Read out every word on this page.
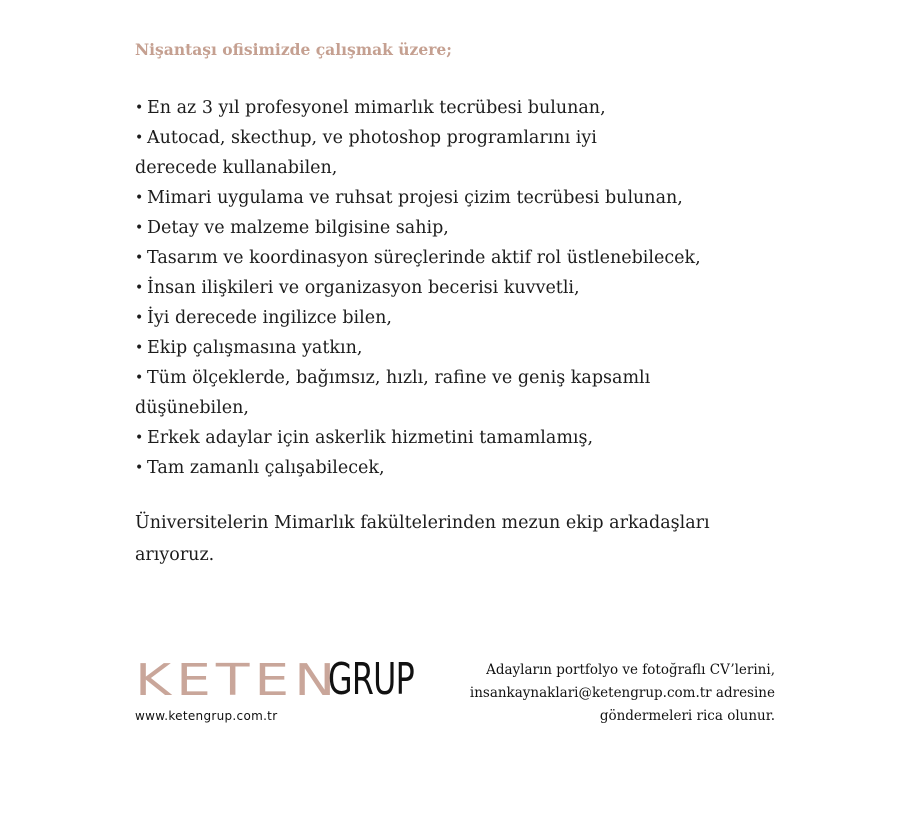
Nişantaşı ofisimizde çalışmak üzere;
• En az 3 yıl profesyonel mimarlık tecrübesi bulunan,
• Autocad, skecthup, ve photoshop programlarını iyi
derecede kullanabilen,
• Mimari uygulama ve ruhsat projesi çizim tecrübesi bulunan,
• Detay ve malzeme bilgisine sahip,
• Tasarım ve koordinasyon süreçlerinde aktif rol üstlenebilecek,
• İnsan ilişkileri ve organizasyon becerisi kuvvetli,
• İyi derecede ingilizce bilen,
• Ekip çalışmasına yatkın,
• Tüm ölçeklerde, bağımsız, hızlı, rafine ve geniş kapsamlı
düşünebilen,
• Erkek adaylar için askerlik hizmetini tamamlamış,
• Tam zamanlı çalışabilecek,
Üniversitelerin Mimarlık fakültelerinden mezun ekip arkadaşları
arıyoruz.
KETEN
GRUP
www.ketengrup.com.tr
Adayların portfolyo ve fotoğraflı CV’lerini,
insankaynaklari@ketengrup.com.tr adresine
göndermeleri rica olunur.
